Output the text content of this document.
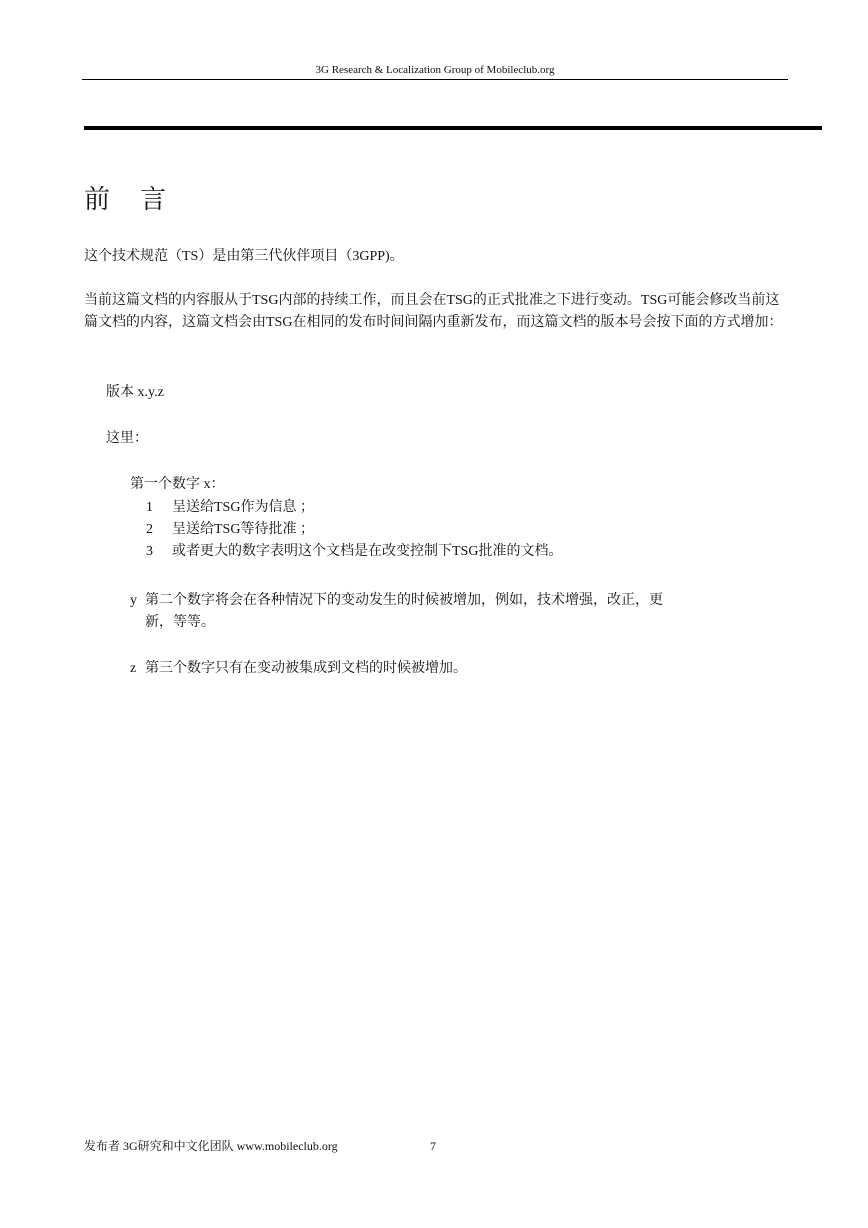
3G Research & Localization Group of Mobileclub.org
前　言
这个技术规范（TS）是由第三代伙伴项目（3GPP)。
当前这篇文档的内容服从于TSG内部的持续工作，而且会在TSG的正式批准之下进行变动。TSG可能会修改当前这篇文档的内容，这篇文档会由TSG在相同的发布时间间隔内重新发布，而这篇文档的版本号会按下面的方式增加：
版本 x.y.z
这里：
第一个数字 x：
1 呈送给TSG作为信息 ；
2 呈送给TSG等待批准 ；
3 或者更大的数字表明这个文档是在改变控制下TSG批准的文档。
y 第二个数字将会在各种情况下的变动发生的时候被增加，例如，技术增强，改正，更
新，等等。
z 第三个数字只有在变动被集成到文档的时候被增加。
发布者 3G研究和中文化团队 www.mobileclub.org	7
